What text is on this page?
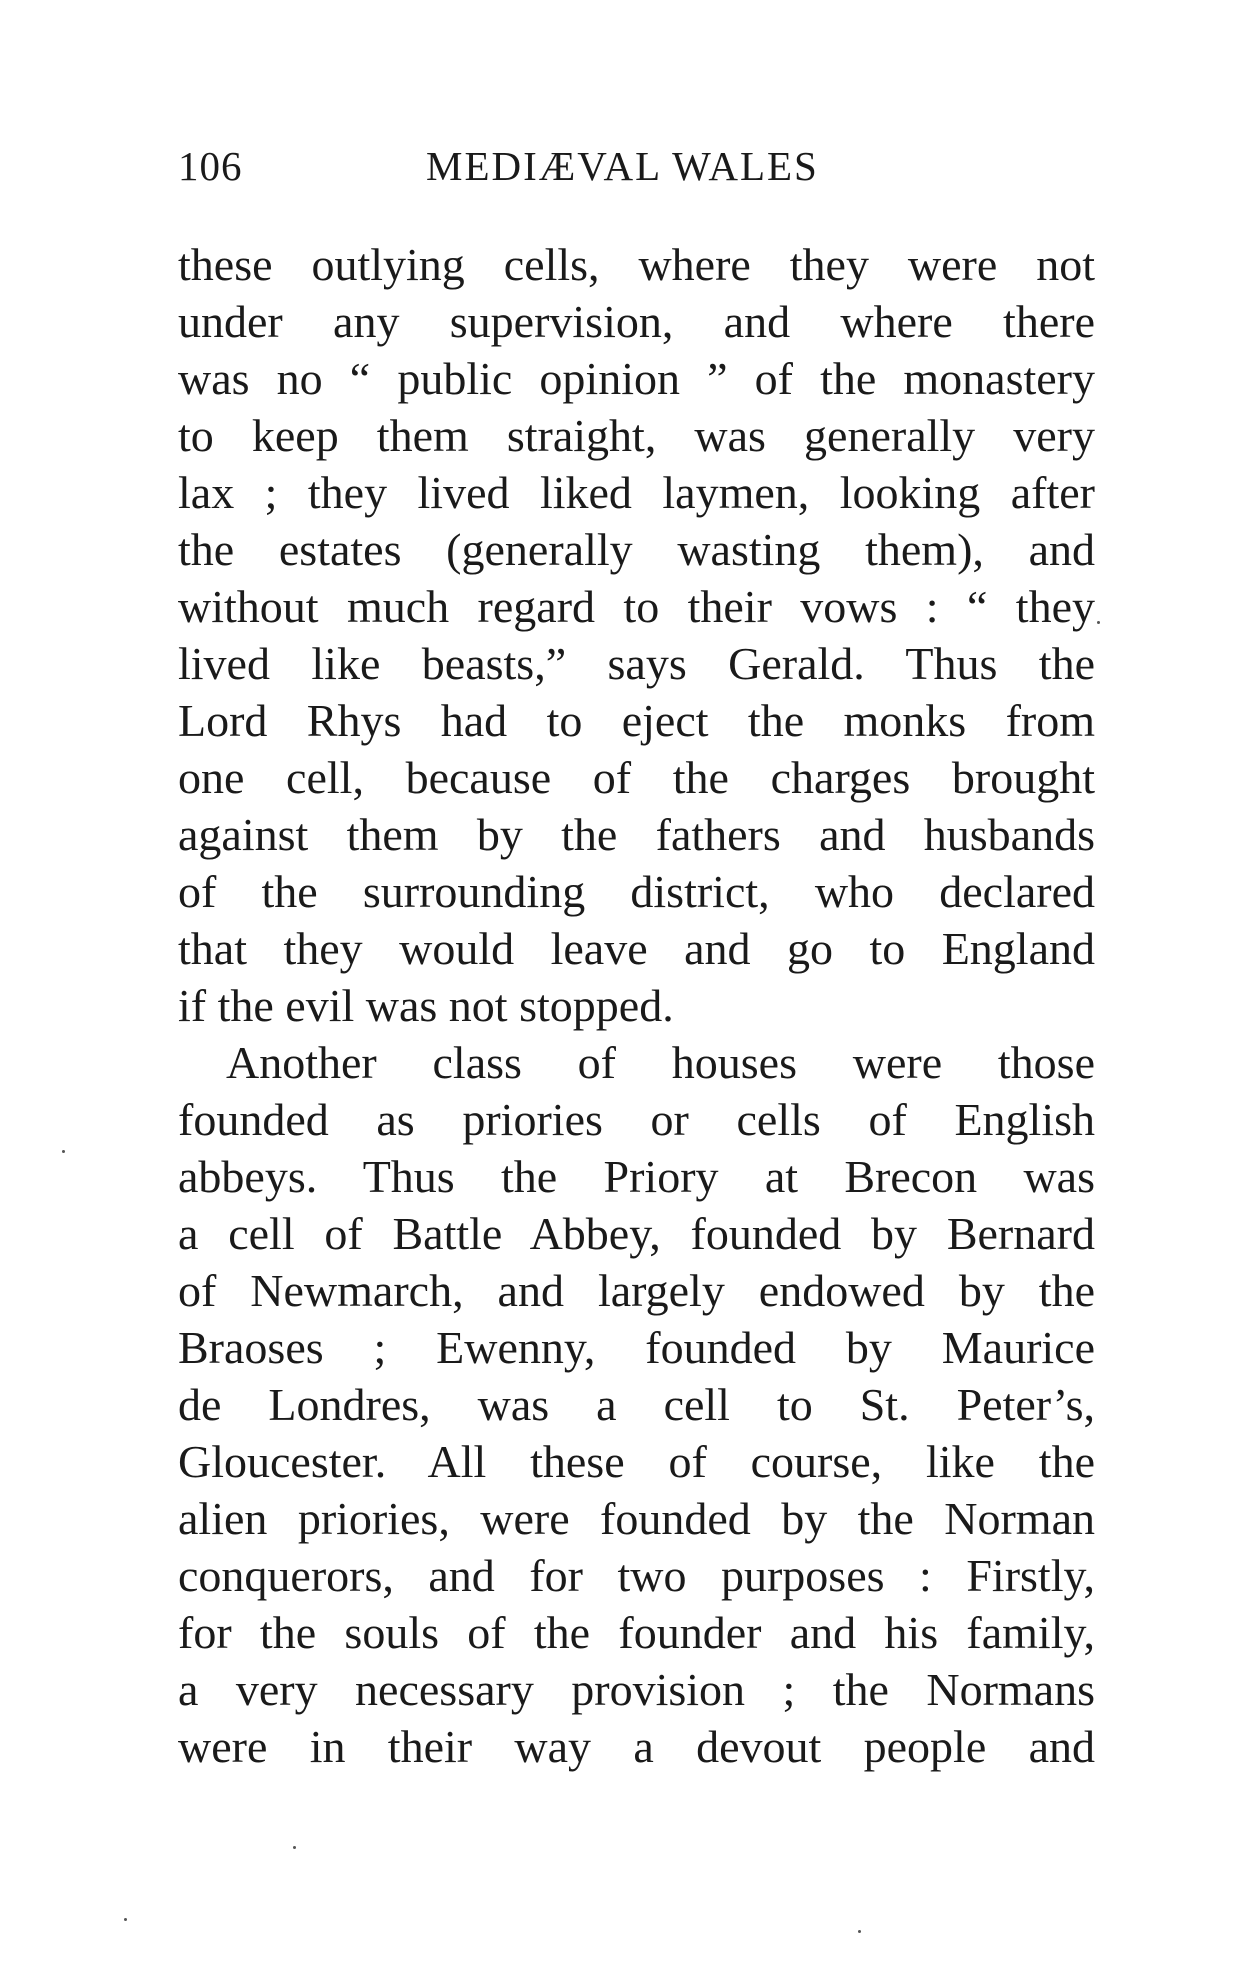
106	MEDIÆVAL WALES
these outlying cells, where they were not
under any supervision, and where there
was no “ public opinion ” of the monastery
to keep them straight, was generally very
lax ; they lived liked laymen, looking after
the estates (generally wasting them), and
without much regard to their vows : “ they
lived like beasts,” says Gerald. Thus the
Lord Rhys had to eject the monks from
one cell, because of the charges brought
against them by the fathers and husbands
of the surrounding district, who declared
that they would leave and go to England
if the evil was not stopped.
Another class of houses were those
founded as priories or cells of English
abbeys. Thus the Priory at Brecon was
a cell of Battle Abbey, founded by Bernard
of Newmarch, and largely endowed by the
Braoses ; Ewenny, founded by Maurice
de Londres, was a cell to St. Peter’s,
Gloucester. All these of course, like the
alien priories, were founded by the Norman
conquerors, and for two purposes : Firstly,
for the souls of the founder and his family,
a very necessary provision ; the Normans
were in their way a devout people and
